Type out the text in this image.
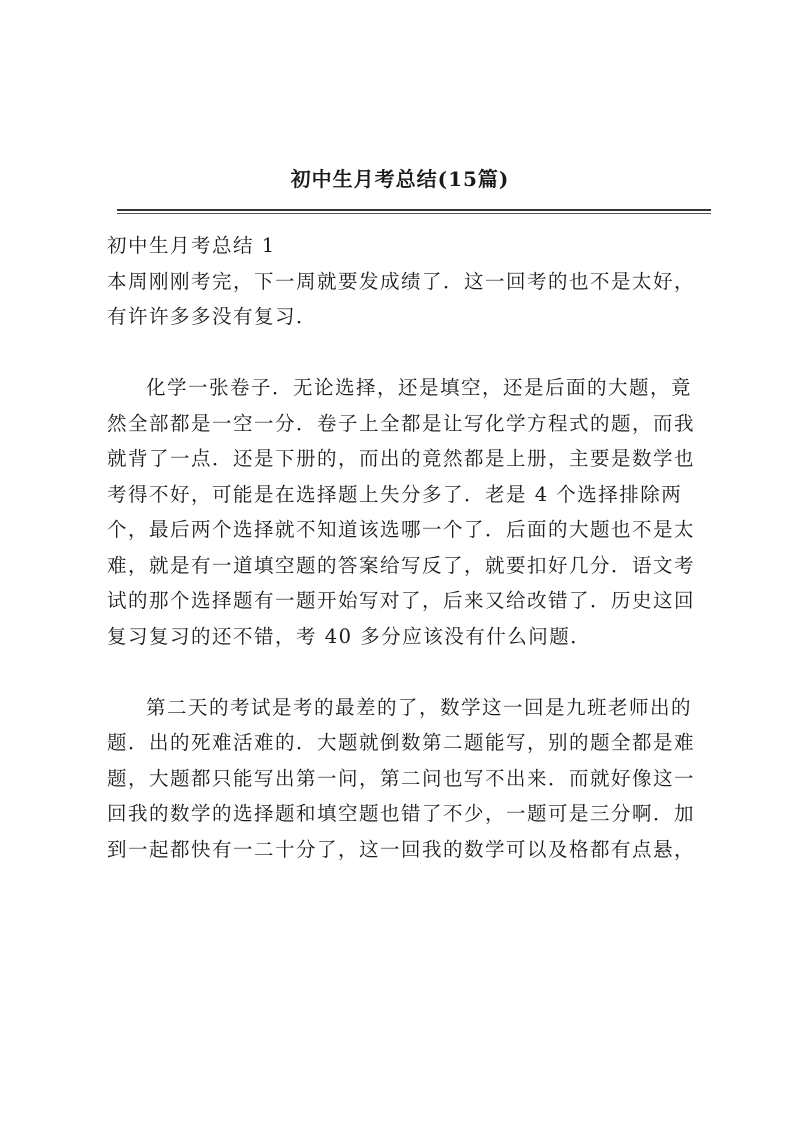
初中生月考总结(15篇)

初中生月考总结 1

本周刚刚考完，下一周就要发成绩了．这一回考的也不是太好，有许许多多没有复习．

化学一张卷子．无论选择，还是填空，还是后面的大题，竟然全部都是一空一分．卷子上全都是让写化学方程式的题，而我就背了一点．还是下册的，而出的竟然都是上册，主要是数学也考得不好，可能是在选择题上失分多了．老是 4 个选择排除两个，最后两个选择就不知道该选哪一个了．后面的大题也不是太难，就是有一道填空题的答案给写反了，就要扣好几分．语文考试的那个选择题有一题开始写对了，后来又给改错了．历史这回复习复习的还不错，考 40 多分应该没有什么问题．

第二天的考试是考的最差的了，数学这一回是九班老师出的题．出的死难活难的．大题就倒数第二题能写，别的题全都是难题，大题都只能写出第一问，第二问也写不出来．而就好像这一回我的数学的选择题和填空题也错了不少，一题可是三分啊．加到一起都快有一二十分了，这一回我的数学可以及格都有点悬，
